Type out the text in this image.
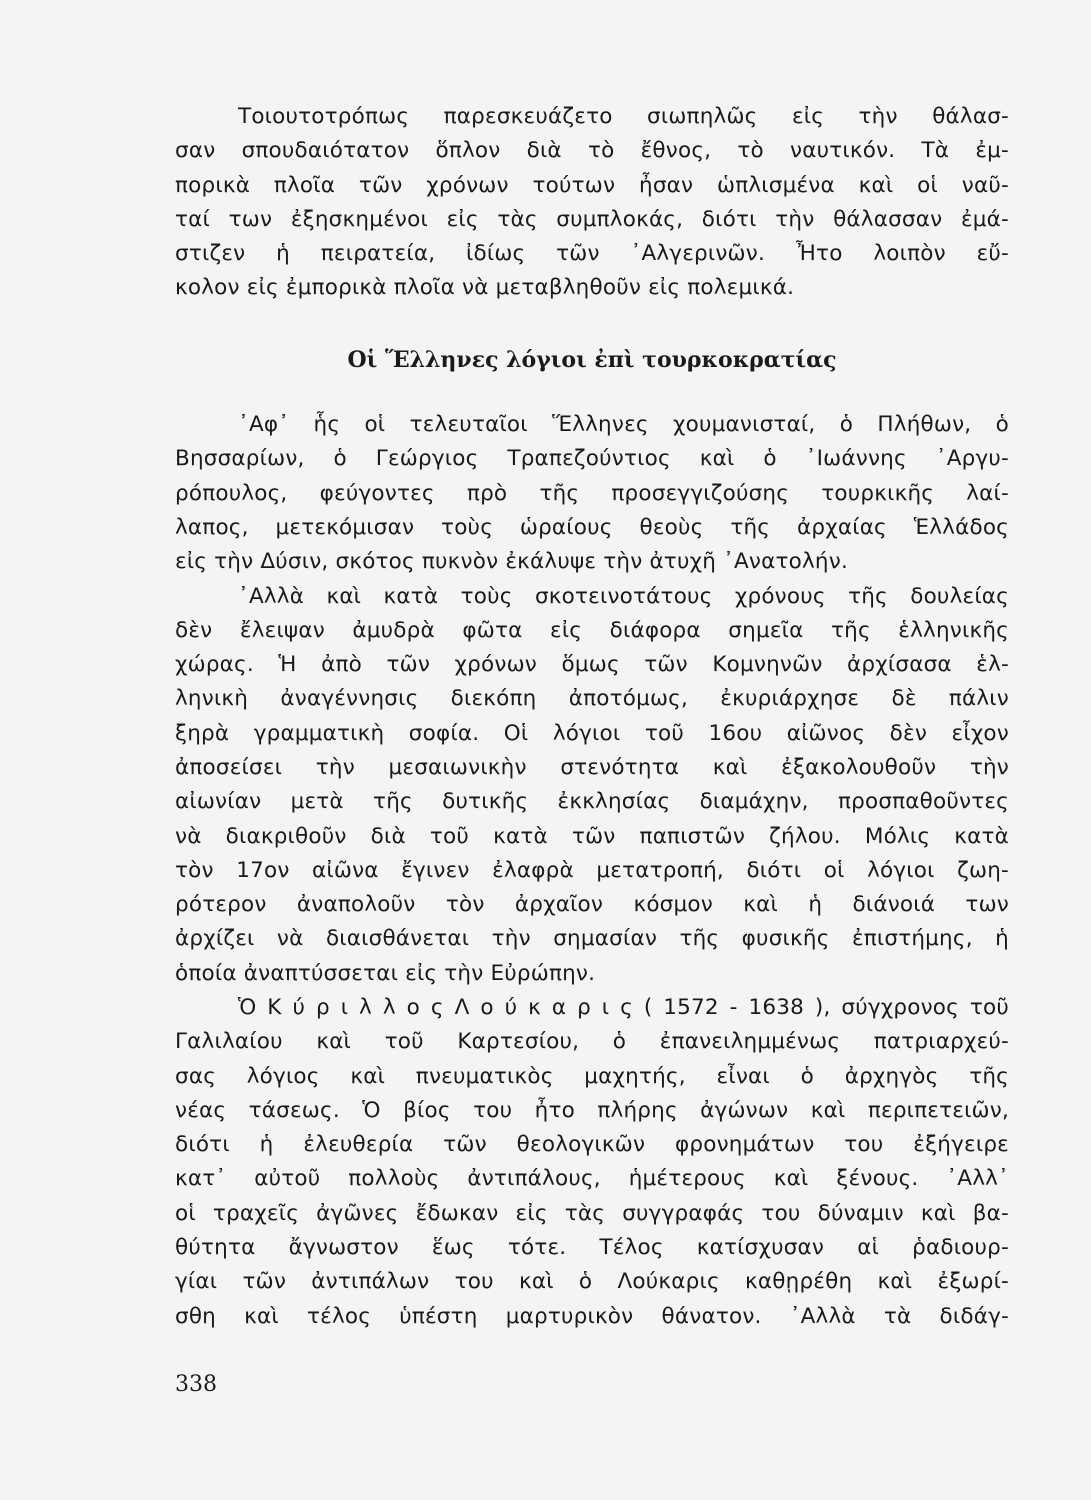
Τοιουτοτρόπως παρεσκευάζετο σιωπηλῶς εἰς τὴν θάλασ-
σαν σπουδαιότατον ὅπλον διὰ τὸ ἔθνος, τὸ ναυτικόν. Τὰ ἐμ-
πορικὰ πλοῖα τῶν χρόνων τούτων ἦσαν ὡπλισμένα καὶ οἱ ναῦ-
ταί των ἐξησκημένοι εἰς τὰς συμπλοκάς, διότι τὴν θάλασσαν ἐμά-
στιζεν ἡ πειρατεία, ἰδίως τῶν ᾿Αλγερινῶν. Ἦτο λοιπὸν εὔ-
κολον εἰς ἐμπορικὰ πλοῖα νὰ μεταβληθοῦν εἰς πολεμικά.
Οἱ Ἕλληνες λόγιοι ἐπὶ τουρκοκρατίας
᾿Αφ᾿ ἧς οἱ τελευταῖοι Ἕλληνες χουμανισταί, ὁ Πλήθων, ὁ
Βησσαρίων, ὁ Γεώργιος Τραπεζούντιος καὶ ὁ ᾿Ιωάννης ᾿Αργυ-
ρόπουλος, φεύγοντες πρὸ τῆς προσεγγιζούσης τουρκικῆς λαί-
λαπος, μετεκόμισαν τοὺς ὡραίους θεοὺς τῆς ἀρχαίας Ἑλλάδος
εἰς τὴν Δύσιν, σκότος πυκνὸν ἐκάλυψε τὴν ἀτυχῆ ᾿Ανατολήν.
᾿Αλλὰ καὶ κατὰ τοὺς σκοτεινοτάτους χρόνους τῆς δουλείας
δὲν ἔλειψαν ἀμυδρὰ φῶτα εἰς διάφορα σημεῖα τῆς ἑλληνικῆς
χώρας. Ἡ ἀπὸ τῶν χρόνων ὅμως τῶν Κομνηνῶν ἀρχίσασα ἑλ-
ληνικὴ ἀναγέννησις διεκόπη ἀποτόμως, ἐκυριάρχησε δὲ πάλιν
ξηρὰ γραμματικὴ σοφία. Οἱ λόγιοι τοῦ 16ου αἰῶνος δὲν εἶχον
ἀποσείσει τὴν μεσαιωνικὴν στενότητα καὶ ἐξακολουθοῦν τὴν
αἰωνίαν μετὰ τῆς δυτικῆς ἐκκλησίας διαμάχην, προσπαθοῦντες
νὰ διακριθοῦν διὰ τοῦ κατὰ τῶν παπιστῶν ζήλου. Μόλις κατὰ
τὸν 17ον αἰῶνα ἔγινεν ἐλαφρὰ μετατροπή, διότι οἱ λόγιοι ζωη-
ρότερον ἀναπολοῦν τὸν ἀρχαῖον κόσμον καὶ ἡ διάνοιά των
ἀρχίζει νὰ διαισθάνεται τὴν σημασίαν τῆς φυσικῆς ἐπιστήμης, ἡ
ὁποία ἀναπτύσσεται εἰς τὴν Εὐρώπην.
Ὁ Κ ύ ρ ι λ λ ο ς Λ ο ύ κ α ρ ι ς ( 1572 - 1638 ), σύγχρονος τοῦ
Γαλιλαίου καὶ τοῦ Καρτεσίου, ὁ ἐπανειλημμένως πατριαρχεύ-
σας λόγιος καὶ πνευματικὸς μαχητής, εἶναι ὁ ἀρχηγὸς τῆς
νέας τάσεως. Ὁ βίος του ἦτο πλήρης ἀγώνων καὶ περιπετειῶν,
διότι ἡ ἐλευθερία τῶν θεολογικῶν φρονημάτων του ἐξήγειρε
κατ᾿ αὐτοῦ πολλοὺς ἀντιπάλους, ἡμέτερους καὶ ξένους. ᾿Αλλ᾿
οἱ τραχεῖς ἀγῶνες ἔδωκαν εἰς τὰς συγγραφάς του δύναμιν καὶ βα-
θύτητα ἄγνωστον ἕως τότε. Τέλος κατίσχυσαν αἱ ῥαδιουρ-
γίαι τῶν ἀντιπάλων του καὶ ὁ Λούκαρις καθῃρέθη καὶ ἐξωρί-
σθη καὶ τέλος ὑπέστη μαρτυρικὸν θάνατον. ᾿Αλλὰ τὰ διδάγ-
338
